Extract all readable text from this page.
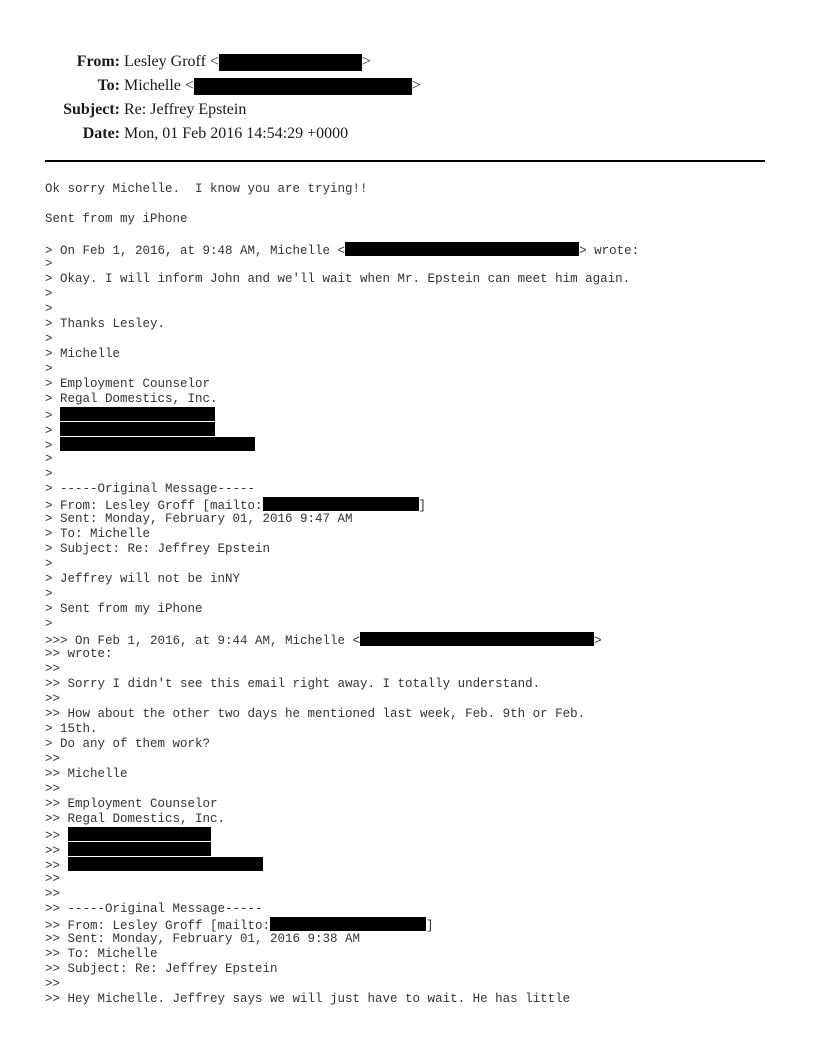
From: Lesley Groff <	>
To: Michelle <	>
Subject: Re: Jeffrey Epstein
Date: Mon, 01 Feb 2016 14:54:29 +0000
Ok sorry Michelle.  I know you are trying!!
Sent from my iPhone
> On Feb 1, 2016, at 9:48 AM, Michelle <	> wrote:
>
> Okay. I will inform John and we'll wait when Mr. Epstein can meet him again.
>
>
> Thanks Lesley.
>
> Michelle
>
> Employment Counselor
> Regal Domestics, Inc.
>
>
>
>
>
> -----Original Message-----
> From: Lesley Groff [mailto:	]
> Sent: Monday, February 01, 2016 9:47 AM
> To: Michelle
> Subject: Re: Jeffrey Epstein
>
> Jeffrey will not be inNY
>
> Sent from my iPhone
>
>>> On Feb 1, 2016, at 9:44 AM, Michelle <	>
>> wrote:
>>
>> Sorry I didn't see this email right away. I totally understand.
>>
>> How about the other two days he mentioned last week, Feb. 9th or Feb.
> 15th.
> Do any of them work?
>>
>> Michelle
>>
>> Employment Counselor
>> Regal Domestics, Inc.
>>
>>
>>
>>
>>
>> -----Original Message-----
>> From: Lesley Groff [mailto:	]
>> Sent: Monday, February 01, 2016 9:38 AM
>> To: Michelle
>> Subject: Re: Jeffrey Epstein
>>
>> Hey Michelle. Jeffrey says we will just have to wait. He has little
